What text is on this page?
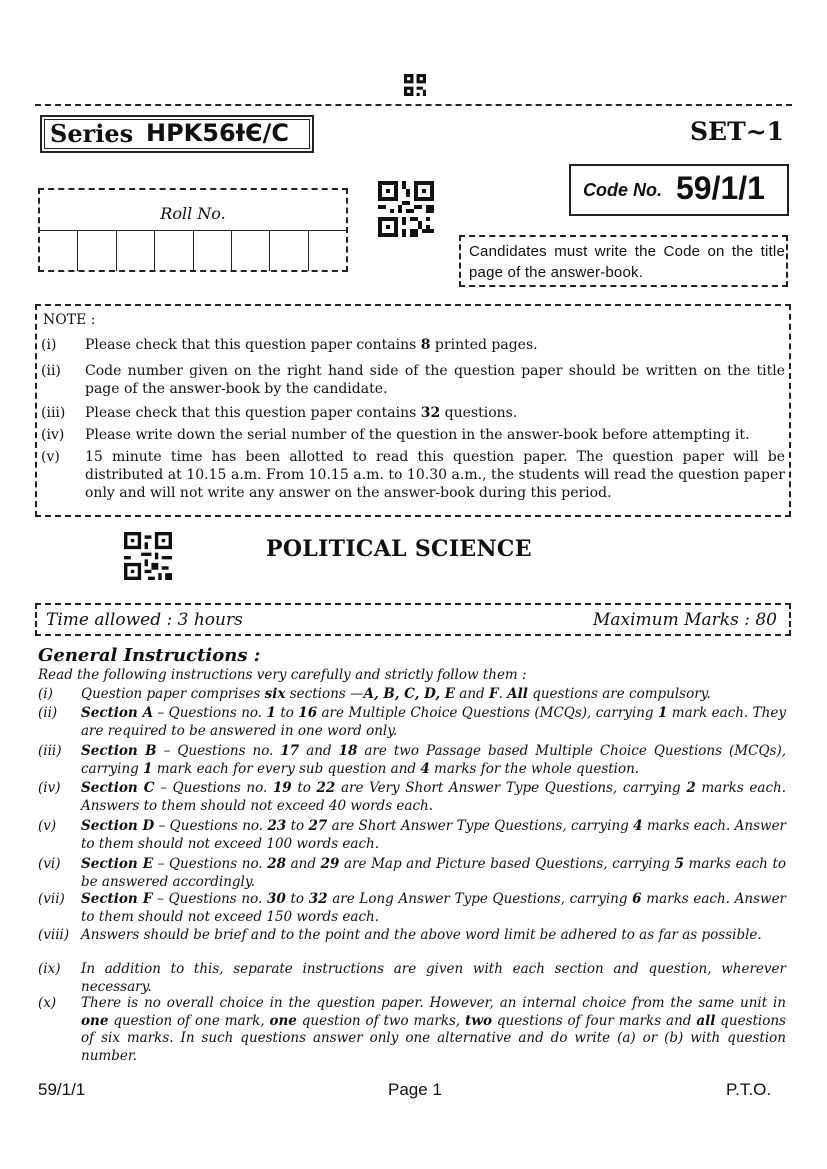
Series HPK56ƗЄ/C	SET~1
Roll No.
Code No. 59/1/1
Candidates must write the Code on the title page of the answer-book.
NOTE :
(i) Please check that this question paper contains 8 printed pages.
(ii) Code number given on the right hand side of the question paper should be written on the title page of the answer-book by the candidate.
(iii) Please check that this question paper contains 32 questions.
(iv) Please write down the serial number of the question in the answer-book before attempting it.
(v) 15 minute time has been allotted to read this question paper. The question paper will be distributed at 10.15 a.m. From 10.15 a.m. to 10.30 a.m., the students will read the question paper only and will not write any answer on the answer-book during this period.
POLITICAL SCIENCE
Time allowed : 3 hours	Maximum Marks : 80
General Instructions :
Read the following instructions very carefully and strictly follow them :
(i) Question paper comprises six sections —A, B, C, D, E and F. All questions are compulsory.
(ii) Section A – Questions no. 1 to 16 are Multiple Choice Questions (MCQs), carrying 1 mark each. They are required to be answered in one word only.
(iii) Section B – Questions no. 17 and 18 are two Passage based Multiple Choice Questions (MCQs), carrying 1 mark each for every sub question and 4 marks for the whole question.
(iv) Section C – Questions no. 19 to 22 are Very Short Answer Type Questions, carrying 2 marks each. Answers to them should not exceed 40 words each.
(v) Section D – Questions no. 23 to 27 are Short Answer Type Questions, carrying 4 marks each. Answer to them should not exceed 100 words each.
(vi) Section E – Questions no. 28 and 29 are Map and Picture based Questions, carrying 5 marks each to be answered accordingly.
(vii) Section F – Questions no. 30 to 32 are Long Answer Type Questions, carrying 6 marks each. Answer to them should not exceed 150 words each.
(viii) Answers should be brief and to the point and the above word limit be adhered to as far as possible.
(ix) In addition to this, separate instructions are given with each section and question, wherever necessary.
(x) There is no overall choice in the question paper. However, an internal choice from the same unit in one question of one mark, one question of two marks, two questions of four marks and all questions of six marks. In such questions answer only one alternative and do write (a) or (b) with question number.
59/1/1	Page 1	P.T.O.
